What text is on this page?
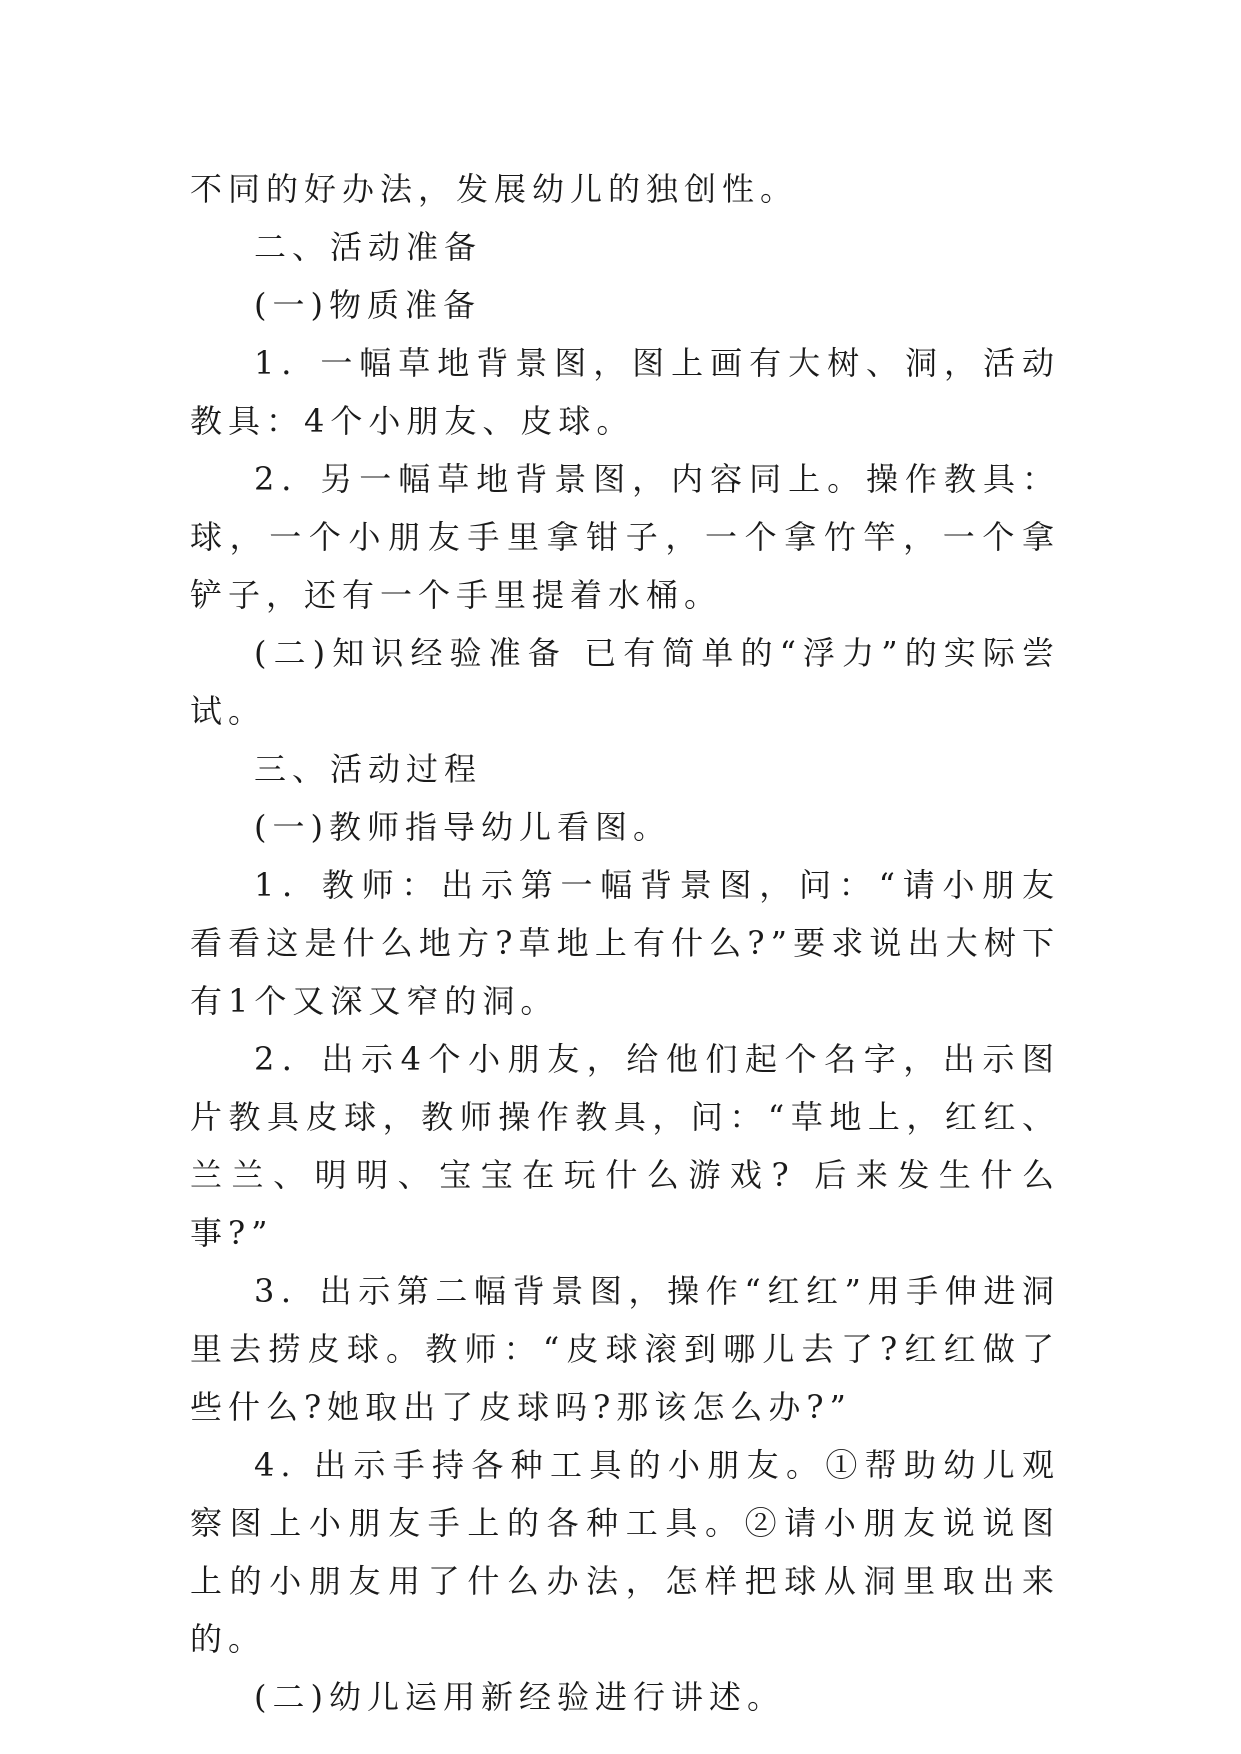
不同的好办法，发展幼儿的独创性。

二、活动准备

(一)物质准备

1．一幅草地背景图，图上画有大树、洞，活动教具：4个小朋友、皮球。

2．另一幅草地背景图，内容同上。操作教具：球，一个小朋友手里拿钳子，一个拿竹竿，一个拿铲子，还有一个手里提着水桶。

(二)知识经验准备 已有简单的“浮力”的实际尝试。

三、活动过程

(一)教师指导幼儿看图。

1．教师：出示第一幅背景图，问：“请小朋友看看这是什么地方?草地上有什么?”要求说出大树下有1个又深又窄的洞。

2．出示4个小朋友，给他们起个名字，出示图片教具皮球，教师操作教具，问：“草地上，红红、兰兰、明明、宝宝在玩什么游戏? 后来发生什么事?”

3．出示第二幅背景图，操作“红红”用手伸进洞里去捞皮球。教师：“皮球滚到哪儿去了?红红做了些什么?她取出了皮球吗?那该怎么办?”

4. 出示手持各种工具的小朋友。①帮助幼儿观察图上小朋友手上的各种工具。②请小朋友说说图上的小朋友用了什么办法，怎样把球从洞里取出来的。

(二)幼儿运用新经验进行讲述。
